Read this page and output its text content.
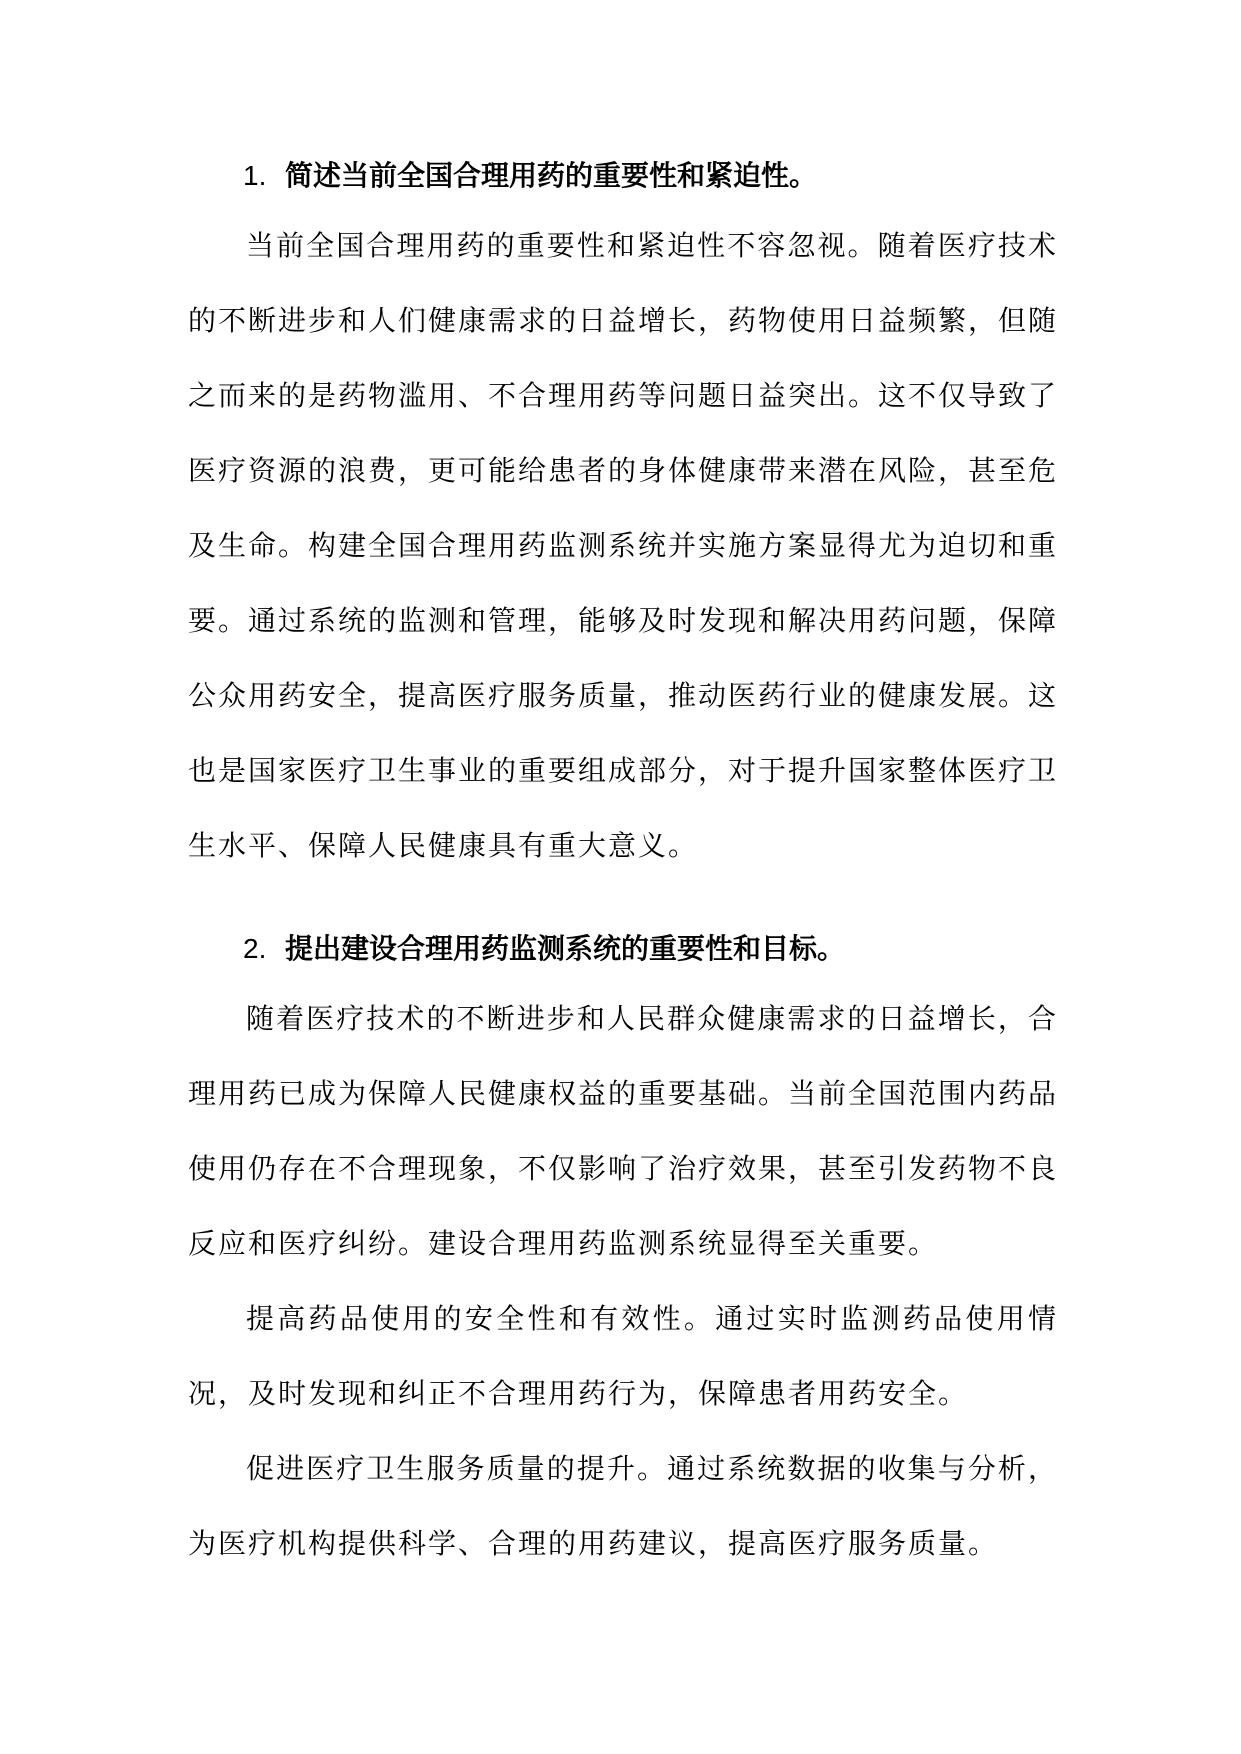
1. 简述当前全国合理用药的重要性和紧迫性。

当前全国合理用药的重要性和紧迫性不容忽视。随着医疗技术的不断进步和人们健康需求的日益增长，药物使用日益频繁，但随之而来的是药物滥用、不合理用药等问题日益突出。这不仅导致了医疗资源的浪费，更可能给患者的身体健康带来潜在风险，甚至危及生命。构建全国合理用药监测系统并实施方案显得尤为迫切和重要。通过系统的监测和管理，能够及时发现和解决用药问题，保障公众用药安全，提高医疗服务质量，推动医药行业的健康发展。这也是国家医疗卫生事业的重要组成部分，对于提升国家整体医疗卫生水平、保障人民健康具有重大意义。

2. 提出建设合理用药监测系统的重要性和目标。

随着医疗技术的不断进步和人民群众健康需求的日益增长，合理用药已成为保障人民健康权益的重要基础。当前全国范围内药品使用仍存在不合理现象，不仅影响了治疗效果，甚至引发药物不良反应和医疗纠纷。建设合理用药监测系统显得至关重要。

提高药品使用的安全性和有效性。通过实时监测药品使用情况，及时发现和纠正不合理用药行为，保障患者用药安全。

促进医疗卫生服务质量的提升。通过系统数据的收集与分析，为医疗机构提供科学、合理的用药建议，提高医疗服务质量。
